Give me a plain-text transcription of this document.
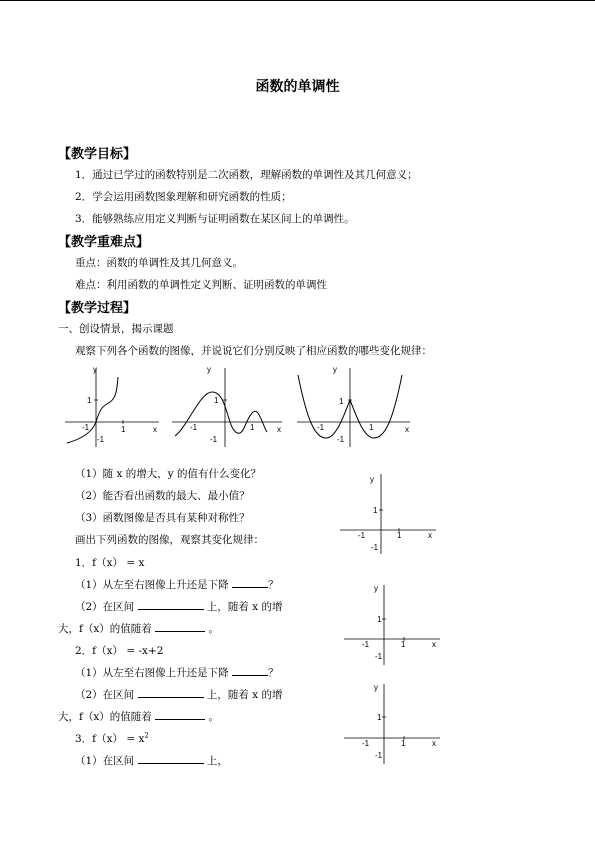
函数的单调性
【教学目标】
1．通过已学过的函数特别是二次函数，理解函数的单调性及其几何意义；
2．学会运用函数图象理解和研究函数的性质；
3．能够熟练应用定义判断与证明函数在某区间上的单调性。
【教学重难点】
重点：函数的单调性及其几何意义。
难点：利用函数的单调性定义判断、证明函数的单调性
【教学过程】
一、创设情景，揭示课题
观察下列各个函数的图像，并说说它们分别反映了相应函数的哪些变化规律：
y
x
1
-1	1
-1
y
x
1
-1	1
-1
y
x
1
-1	1
-1
（1）随 x 的增大，y 的值有什么变化？
（2）能否看出函数的最大、最小值？
（3）函数图像是否具有某种对称性？
画出下列函数的图像，观察其变化规律：
1．f（x） = x
（1）从左至右图像上升还是下降	？
（2）在区间	上，随着 x 的增
大，f（x）的值随着	。
2．f（x） = -x+2
（1）从左至右图像上升还是下降	？
（2）在区间	上，随着 x 的增
大，f（x）的值随着	。
3．$f(x) = x^2$
（1）在区间	上，
y
x
1
-1	1
-1
y
x
1
-1	1
-1
y
x
1
-1	1
-1
